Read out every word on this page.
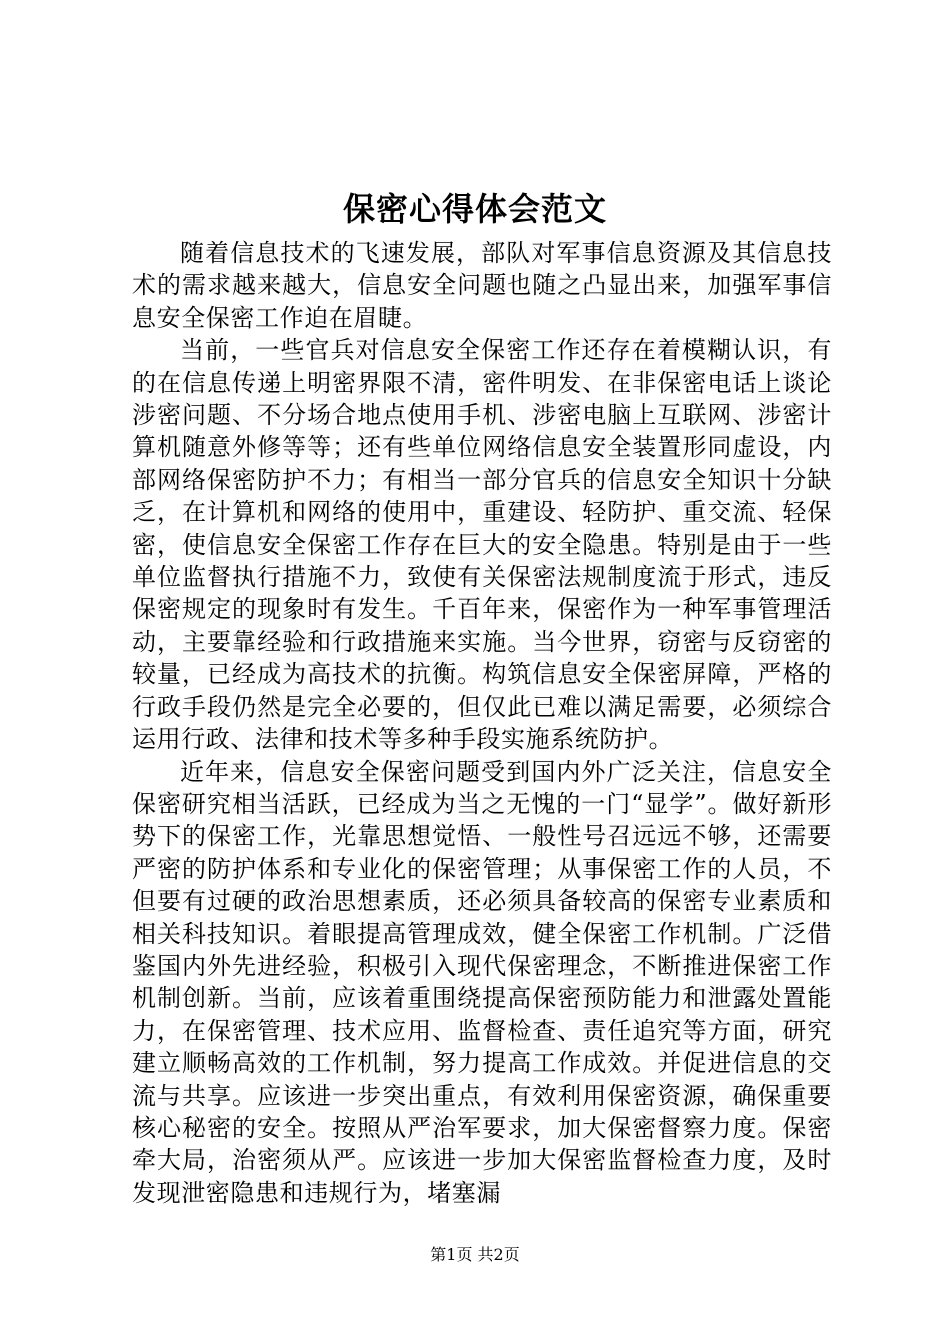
保密心得体会范文

随着信息技术的飞速发展，部队对军事信息资源及其信息技术的需求越来越大，信息安全问题也随之凸显出来，加强军事信息安全保密工作迫在眉睫。

当前，一些官兵对信息安全保密工作还存在着模糊认识，有的在信息传递上明密界限不清，密件明发、在非保密电话上谈论涉密问题、不分场合地点使用手机、涉密电脑上互联网、涉密计算机随意外修等等；还有些单位网络信息安全装置形同虚设，内部网络保密防护不力；有相当一部分官兵的信息安全知识十分缺乏，在计算机和网络的使用中，重建设、轻防护、重交流、轻保密，使信息安全保密工作存在巨大的安全隐患。特别是由于一些单位监督执行措施不力，致使有关保密法规制度流于形式，违反保密规定的现象时有发生。千百年来，保密作为一种军事管理活动，主要靠经验和行政措施来实施。当今世界，窃密与反窃密的较量，已经成为高技术的抗衡。构筑信息安全保密屏障，严格的行政手段仍然是完全必要的，但仅此已难以满足需要，必须综合运用行政、法律和技术等多种手段实施系统防护。

近年来，信息安全保密问题受到国内外广泛关注，信息安全保密研究相当活跃，已经成为当之无愧的一门“显学”。做好新形势下的保密工作，光靠思想觉悟、一般性号召远远不够，还需要严密的防护体系和专业化的保密管理；从事保密工作的人员，不但要有过硬的政治思想素质，还必须具备较高的保密专业素质和相关科技知识。着眼提高管理成效，健全保密工作机制。广泛借鉴国内外先进经验，积极引入现代保密理念，不断推进保密工作机制创新。当前，应该着重围绕提高保密预防能力和泄露处置能力，在保密管理、技术应用、监督检查、责任追究等方面，研究建立顺畅高效的工作机制，努力提高工作成效。并促进信息的交流与共享。应该进一步突出重点，有效利用保密资源，确保重要核心秘密的安全。按照从严治军要求，加大保密督察力度。保密牵大局，治密须从严。应该进一步加大保密监督检查力度，及时发现泄密隐患和违规行为，堵塞漏

第1页 共2页
